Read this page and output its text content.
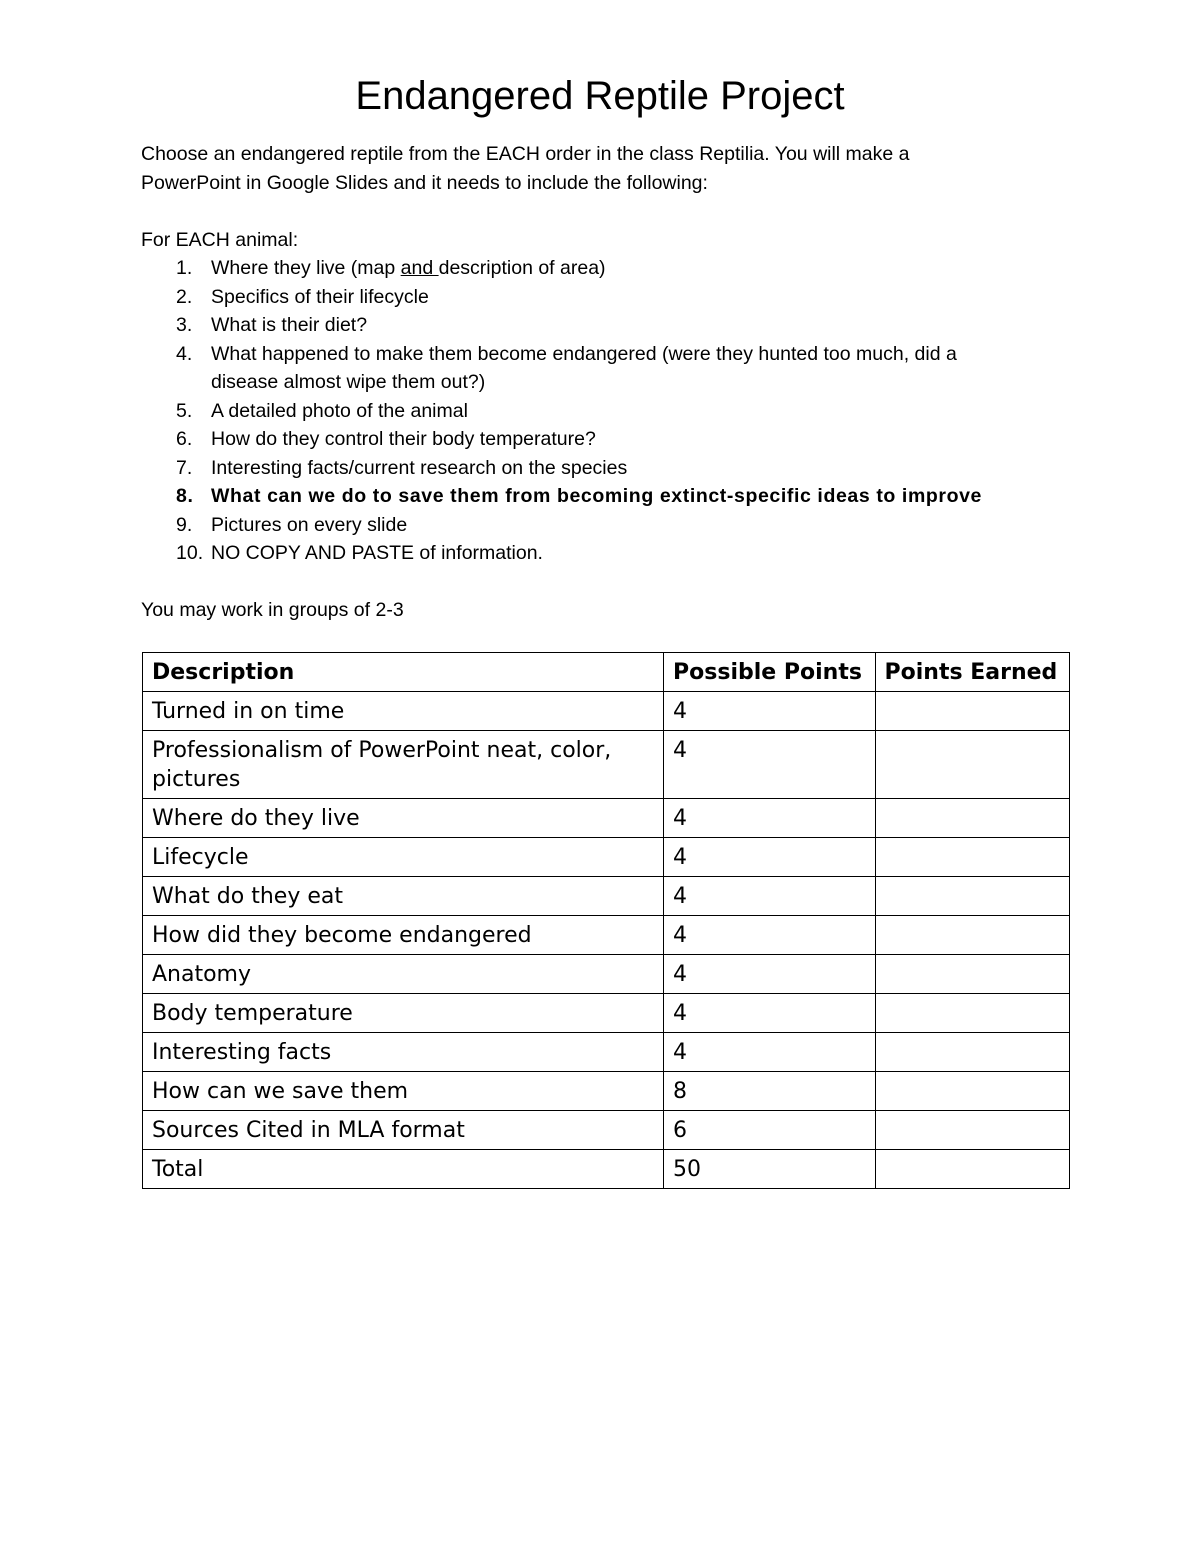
Endangered Reptile Project

Choose an endangered reptile from the EACH order in the class Reptilia. You will make a

PowerPoint in Google Slides and it needs to include the following:

For EACH animal:

1. Where they live (map and description of area)
2. Specifics of their lifecycle
3. What is their diet?
4. What happened to make them become endangered (were they hunted too much, did a
disease almost wipe them out?)
5. A detailed photo of the animal
6. How do they control their body temperature?
7. Interesting facts/current research on the species
8. What can we do to save them from becoming extinct-specific ideas to improve
9. Pictures on every slide
10. NO COPY AND PASTE of information.

You may work in groups of 2-3

Description	Possible Points	Points Earned
Turned in on time	4	
Professionalism of PowerPoint neat, color, pictures	4	
Where do they live	4	
Lifecycle	4	
What do they eat	4	
How did they become endangered	4	
Anatomy	4	
Body temperature	4	
Interesting facts	4	
How can we save them	8	
Sources Cited in MLA format	6	
Total	50	
